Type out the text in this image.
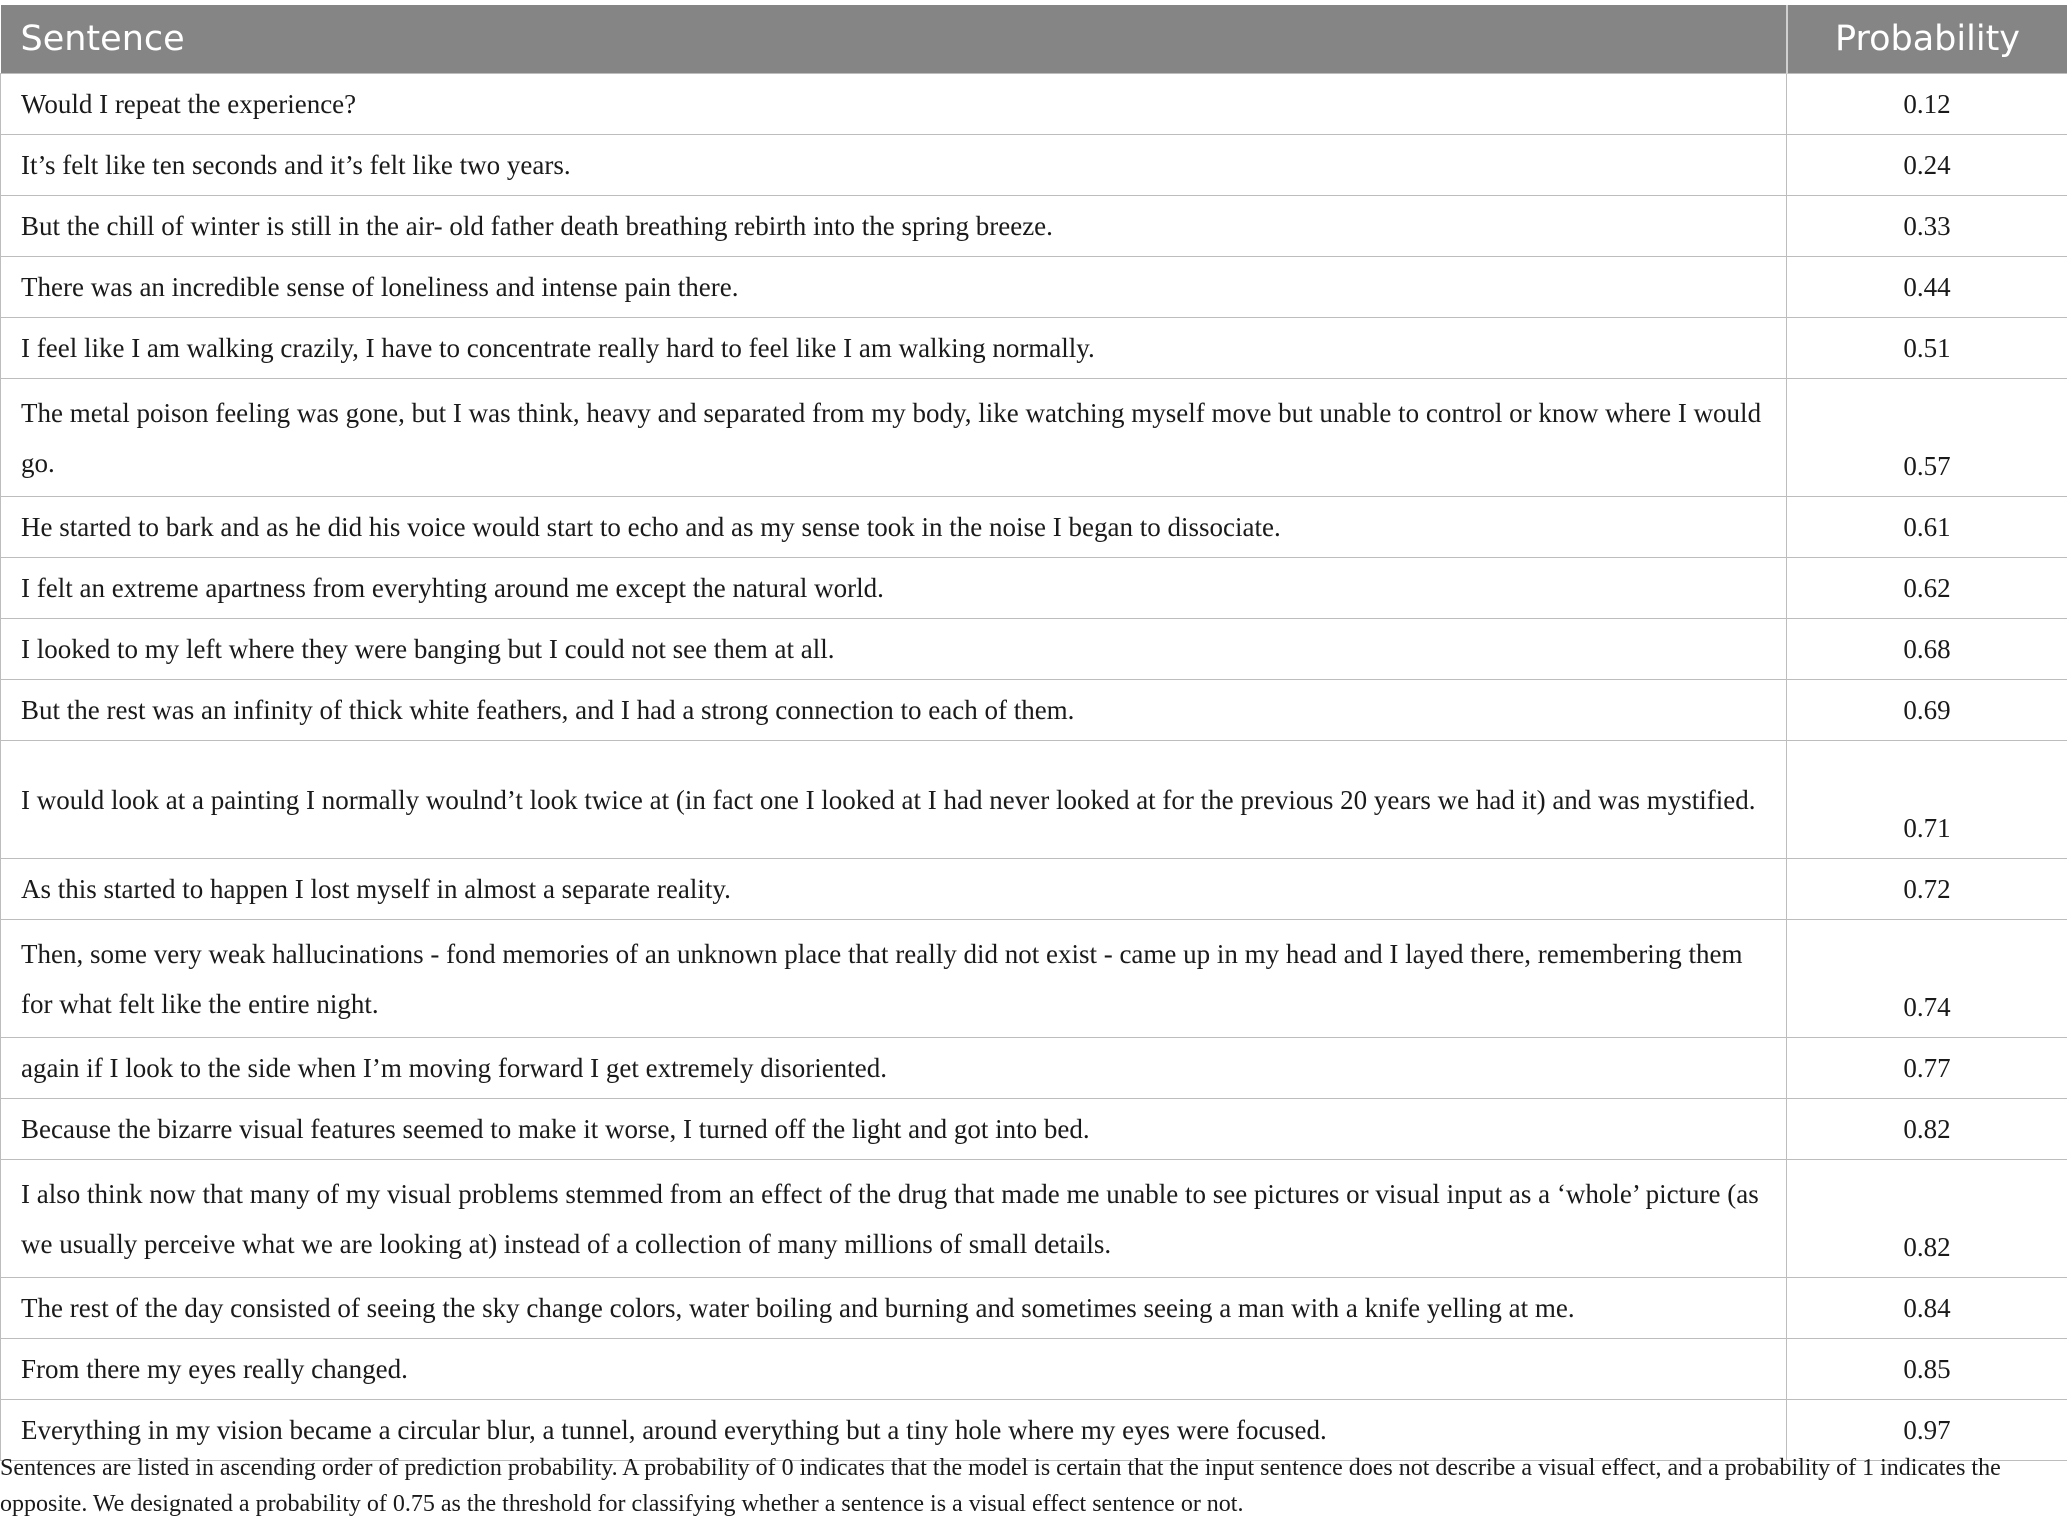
Sentence	Probability
Would I repeat the experience?	0.12
It’s felt like ten seconds and it’s felt like two years.	0.24
But the chill of winter is still in the air- old father death breathing rebirth into the spring breeze.	0.33
There was an incredible sense of loneliness and intense pain there.	0.44
I feel like I am walking crazily, I have to concentrate really hard to feel like I am walking normally.	0.51
The metal poison feeling was gone, but I was think, heavy and separated from my body, like watching myself move but unable to control or know where I would go.	0.57
He started to bark and as he did his voice would start to echo and as my sense took in the noise I began to dissociate.	0.61
I felt an extreme apartness from everyhting around me except the natural world.	0.62
I looked to my left where they were banging but I could not see them at all.	0.68
But the rest was an infinity of thick white feathers, and I had a strong connection to each of them.	0.69
I would look at a painting I normally woulnd’t look twice at (in fact one I looked at I had never looked at for the previous 20 years we had it) and was mystified.	0.71
As this started to happen I lost myself in almost a separate reality.	0.72
Then, some very weak hallucinations - fond memories of an unknown place that really did not exist - came up in my head and I layed there, remembering them for what felt like the entire night.	0.74
again if I look to the side when I’m moving forward I get extremely disoriented.	0.77
Because the bizarre visual features seemed to make it worse, I turned off the light and got into bed.	0.82
I also think now that many of my visual problems stemmed from an effect of the drug that made me unable to see pictures or visual input as a ‘whole’ picture (as we usually perceive what we are looking at) instead of a collection of many millions of small details.	0.82
The rest of the day consisted of seeing the sky change colors, water boiling and burning and sometimes seeing a man with a knife yelling at me.	0.84
From there my eyes really changed.	0.85
Everything in my vision became a circular blur, a tunnel, around everything but a tiny hole where my eyes were focused.	0.97
Sentences are listed in ascending order of prediction probability. A probability of 0 indicates that the model is certain that the input sentence does not describe a visual effect, and a probability of 1 indicates the opposite. We designated a probability of 0.75 as the threshold for classifying whether a sentence is a visual effect sentence or not.
